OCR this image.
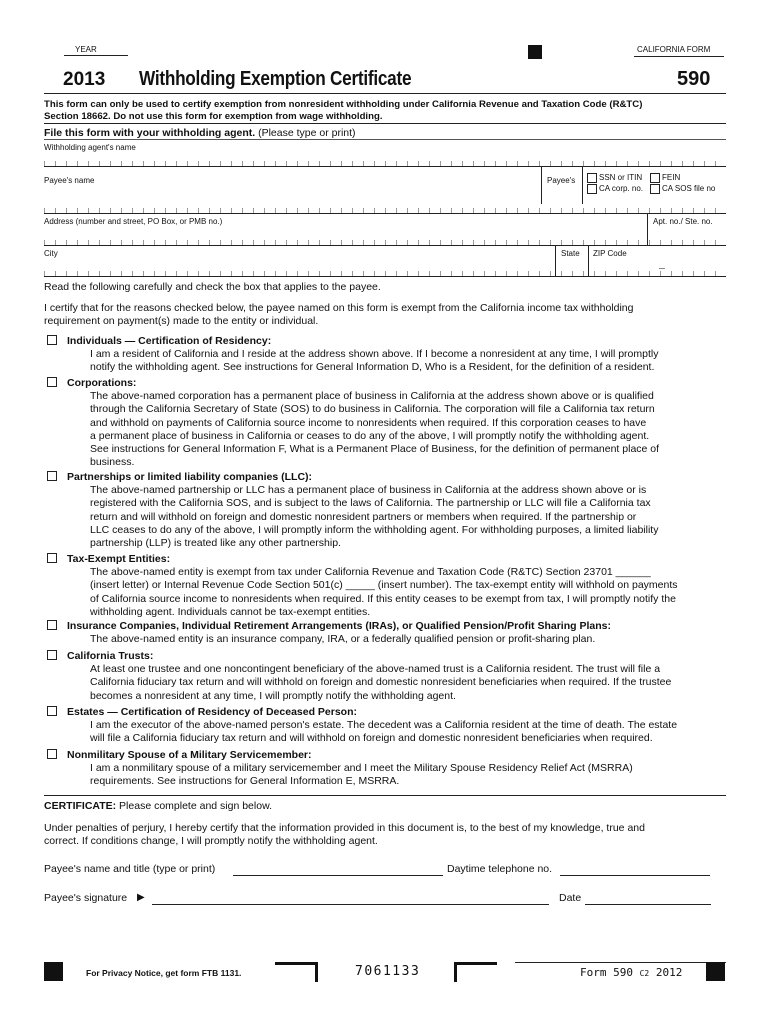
YEAR	CALIFORNIA FORM
2013 Withholding Exemption Certificate	590
This form can only be used to certify exemption from nonresident withholding under California Revenue and Taxation Code (R&TC)
Section 18662. Do not use this form for exemption from wage withholding.
File this form with your withholding agent. (Please type or print)
Withholding agent's name
Payee's name	Payee's	SSN or ITIN FEIN
CA corp. no. CA SOS file no
Address (number and street, PO Box, or PMB no.)	Apt. no./ Ste. no.
City	State ZIP Code
Read the following carefully and check the box that applies to the payee.
I certify that for the reasons checked below, the payee named on this form is exempt from the California income tax withholding
requirement on payment(s) made to the entity or individual.
Individuals — Certification of Residency:
I am a resident of California and I reside at the address shown above. If I become a nonresident at any time, I will promptly
notify the withholding agent. See instructions for General Information D, Who is a Resident, for the definition of a resident.
Corporations:
The above-named corporation has a permanent place of business in California at the address shown above or is qualified
through the California Secretary of State (SOS) to do business in California. The corporation will file a California tax return
and withhold on payments of California source income to nonresidents when required. If this corporation ceases to have
a permanent place of business in California or ceases to do any of the above, I will promptly notify the withholding agent.
See instructions for General Information F, What is a Permanent Place of Business, for the definition of permanent place of
business.
Partnerships or limited liability companies (LLC):
The above-named partnership or LLC has a permanent place of business in California at the address shown above or is
registered with the California SOS, and is subject to the laws of California. The partnership or LLC will file a California tax
return and will withhold on foreign and domestic nonresident partners or members when required. If the partnership or
LLC ceases to do any of the above, I will promptly inform the withholding agent. For withholding purposes, a limited liability
partnership (LLP) is treated like any other partnership.
Tax-Exempt Entities:
The above-named entity is exempt from tax under California Revenue and Taxation Code (R&TC) Section 23701 ______
(insert letter) or Internal Revenue Code Section 501(c) _____ (insert number). The tax-exempt entity will withhold on payments
of California source income to nonresidents when required. If this entity ceases to be exempt from tax, I will promptly notify the
withholding agent. Individuals cannot be tax-exempt entities.
Insurance Companies, Individual Retirement Arrangements (IRAs), or Qualified Pension/Profit Sharing Plans:
The above-named entity is an insurance company, IRA, or a federally qualified pension or profit-sharing plan.
California Trusts:
At least one trustee and one noncontingent beneficiary of the above-named trust is a California resident. The trust will file a
California fiduciary tax return and will withhold on foreign and domestic nonresident beneficiaries when required. If the trustee
becomes a nonresident at any time, I will promptly notify the withholding agent.
Estates — Certification of Residency of Deceased Person:
I am the executor of the above-named person's estate. The decedent was a California resident at the time of death. The estate
will file a California fiduciary tax return and will withhold on foreign and domestic nonresident beneficiaries when required.
Nonmilitary Spouse of a Military Servicemember:
I am a nonmilitary spouse of a military servicemember and I meet the Military Spouse Residency Relief Act (MSRRA)
requirements. See instructions for General Information E, MSRRA.
CERTIFICATE: Please complete and sign below.
Under penalties of perjury, I hereby certify that the information provided in this document is, to the best of my knowledge, true and
correct. If conditions change, I will promptly notify the withholding agent.
Payee's name and title (type or print)	Daytime telephone no.
Payee's signature ▶	Date
For Privacy Notice, get form FTB 1131.	7061133	Form 590 C2 2012
